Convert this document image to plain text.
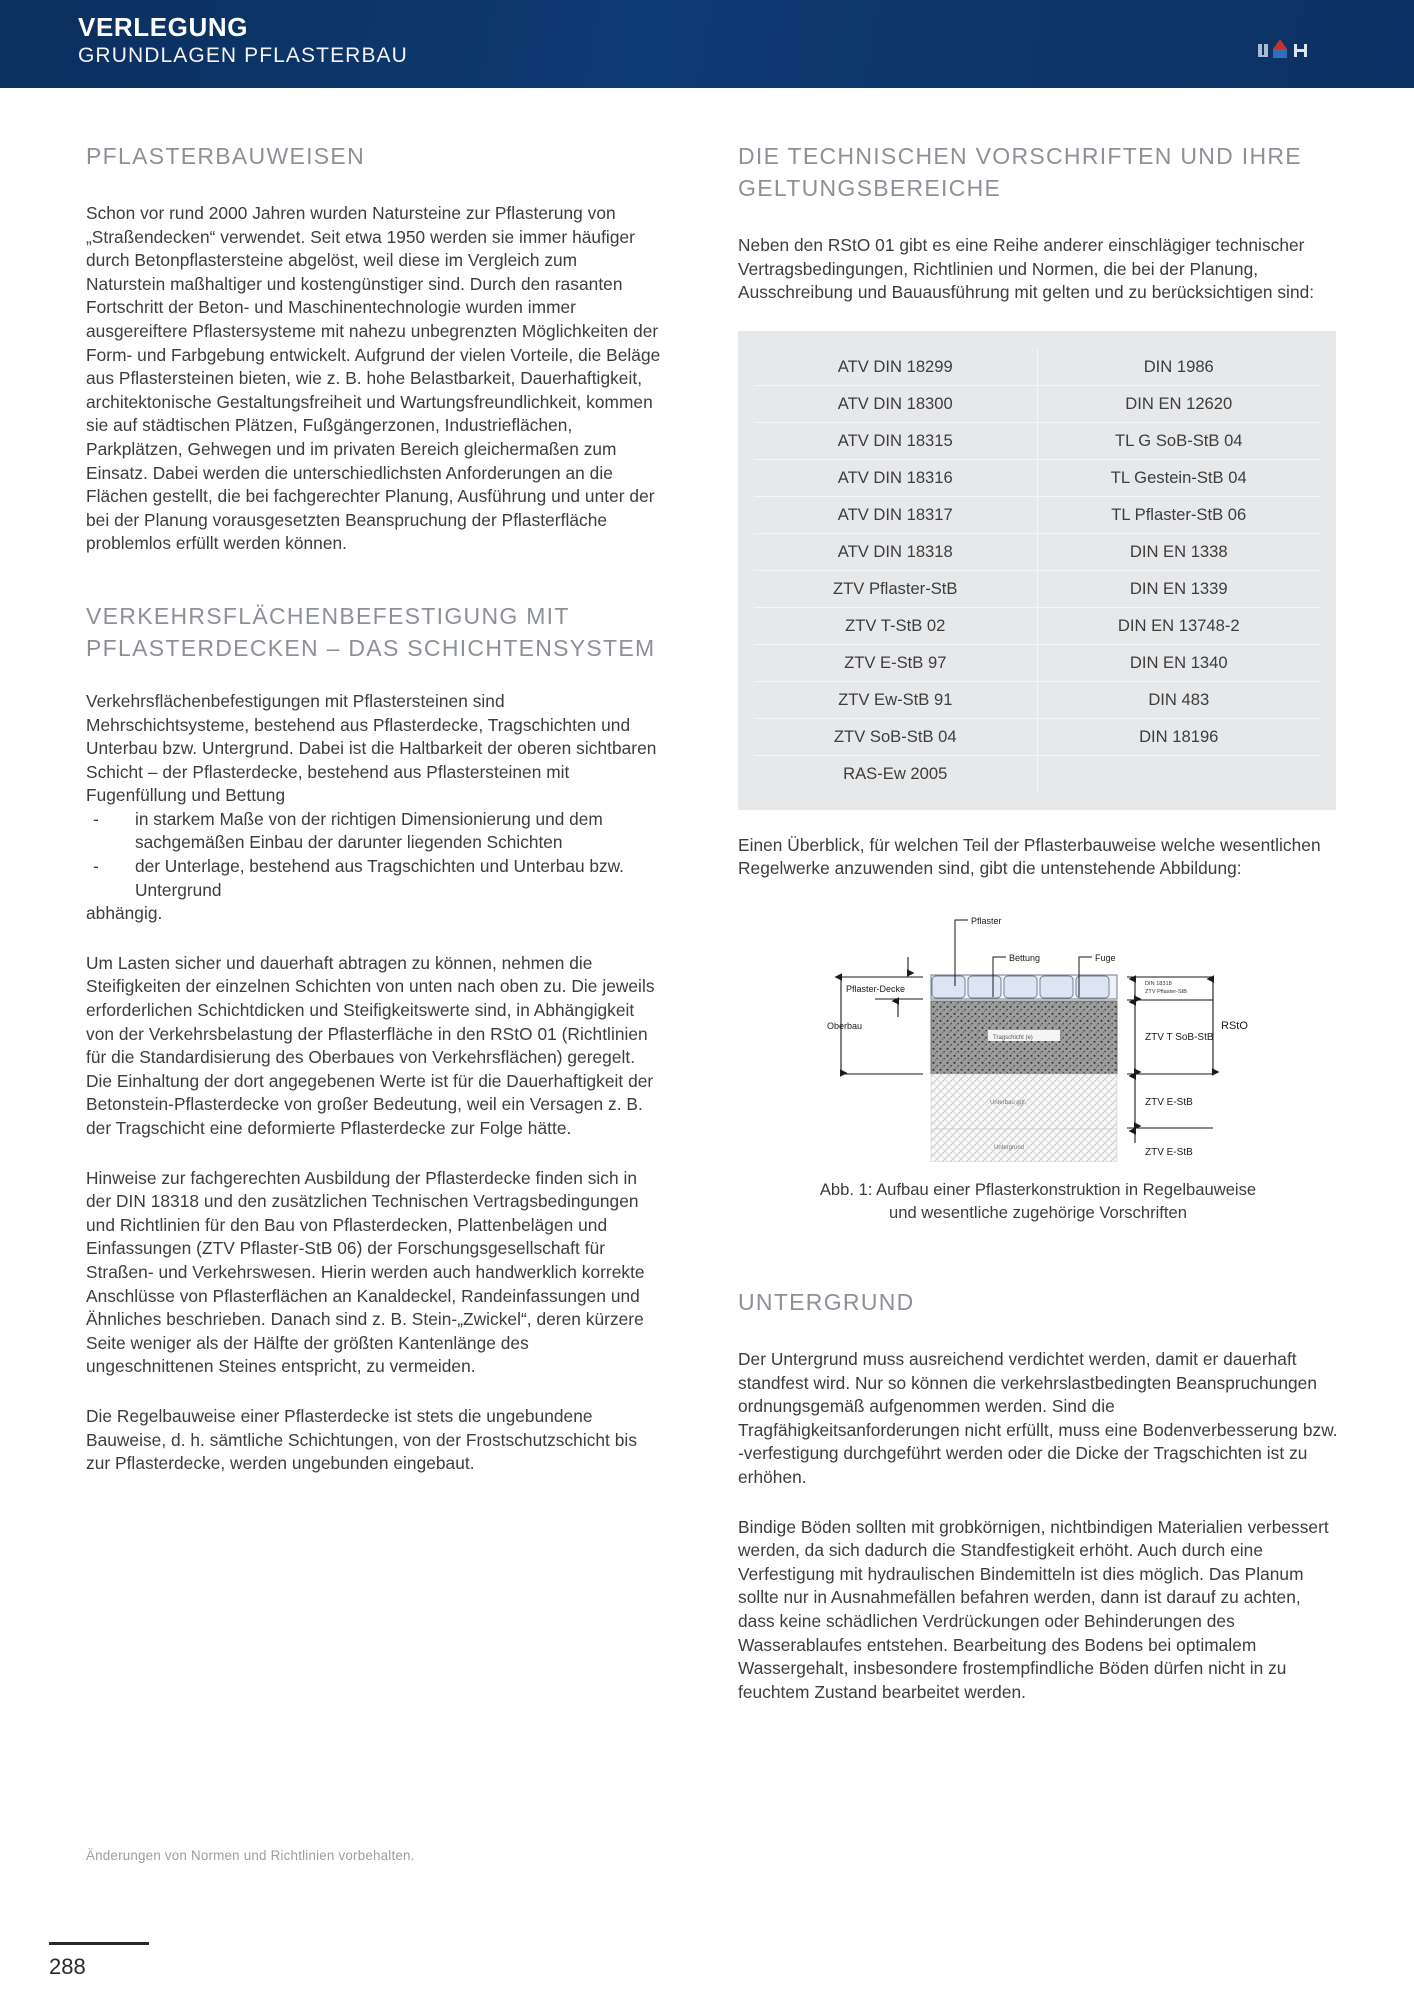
VERLEGUNG
GRUNDLAGEN PFLASTERBAU
PFLASTERBAUWEISEN

Schon vor rund 2000 Jahren wurden Natursteine zur Pflasterung von „Straßendecken“ verwendet. Seit etwa 1950 werden sie immer häufiger durch Betonpflastersteine abgelöst, weil diese im Vergleich zum Naturstein maßhaltiger und kostengünstiger sind. Durch den rasanten Fortschritt der Beton- und Maschinentechnologie wurden immer ausgereiftere Pflastersysteme mit nahezu unbegrenzten Möglichkeiten der Form- und Farbgebung entwickelt. Aufgrund der vielen Vorteile, die Beläge aus Pflastersteinen bieten, wie z. B. hohe Belastbarkeit, Dauerhaftigkeit, architektonische Gestaltungsfreiheit und Wartungsfreundlichkeit, kommen sie auf städtischen Plätzen, Fußgängerzonen, Industrieflächen, Parkplätzen, Gehwegen und im privaten Bereich gleichermaßen zum Einsatz. Dabei werden die unterschiedlichsten Anforderungen an die Flächen gestellt, die bei fachgerechter Planung, Ausführung und unter der bei der Planung vorausgesetzten Beanspruchung der Pflasterfläche problemlos erfüllt werden können.

VERKEHRSFLÄCHENBEFESTIGUNG MIT PFLASTERDECKEN – DAS SCHICHTENSYSTEM

Verkehrsflächenbefestigungen mit Pflastersteinen sind Mehrschichtsysteme, bestehend aus Pflasterdecke, Tragschichten und Unterbau bzw. Untergrund. Dabei ist die Haltbarkeit der oberen sichtbaren Schicht – der Pflasterdecke, bestehend aus Pflastersteinen mit Fugenfüllung und Bettung

- in starkem Maße von der richtigen Dimensionierung und dem sachgemäßen Einbau der darunter liegenden Schichten
- der Unterlage, bestehend aus Tragschichten und Unterbau bzw. Untergrund

abhängig.

Um Lasten sicher und dauerhaft abtragen zu können, nehmen die Steifigkeiten der einzelnen Schichten von unten nach oben zu. Die jeweils erforderlichen Schichtdicken und Steifigkeitswerte sind, in Abhängigkeit von der Verkehrsbelastung der Pflasterfläche in den RStO 01 (Richtlinien für die Standardisierung des Oberbaues von Verkehrsflächen) geregelt. Die Einhaltung der dort angegebenen Werte ist für die Dauerhaftigkeit der Betonstein-Pflasterdecke von großer Bedeutung, weil ein Versagen z. B. der Tragschicht eine deformierte Pflasterdecke zur Folge hätte.

Hinweise zur fachgerechten Ausbildung der Pflasterdecke finden sich in der DIN 18318 und den zusätzlichen Technischen Vertragsbedingungen und Richtlinien für den Bau von Pflasterdecken, Plattenbelägen und Einfassungen (ZTV Pflaster-StB 06) der Forschungsgesellschaft für Straßen- und Verkehrswesen. Hierin werden auch handwerklich korrekte Anschlüsse von Pflasterflächen an Kanaldeckel, Randeinfassungen und Ähnliches beschrieben. Danach sind z. B. Stein-„Zwickel“, deren kürzere Seite weniger als der Hälfte der größten Kantenlänge des ungeschnittenen Steines entspricht, zu vermeiden.

Die Regelbauweise einer Pflasterdecke ist stets die ungebundene Bauweise, d. h. sämtliche Schichtungen, von der Frostschutzschicht bis zur Pflasterdecke, werden ungebunden eingebaut.

DIE TECHNISCHEN VORSCHRIFTEN UND IHRE GELTUNGSBEREICHE

Neben den RStO 01 gibt es eine Reihe anderer einschlägiger technischer Vertragsbedingungen, Richtlinien und Normen, die bei der Planung, Ausschreibung und Bauausführung mit gelten und zu berücksichtigen sind:

ATV DIN 18299	DIN 1986
ATV DIN 18300	DIN EN 12620
ATV DIN 18315	TL G SoB-StB 04
ATV DIN 18316	TL Gestein-StB 04
ATV DIN 18317	TL Pflaster-StB 06
ATV DIN 18318	DIN EN 1338
ZTV Pflaster-StB	DIN EN 1339
ZTV T-StB 02	DIN EN 13748-2
ZTV E-StB 97	DIN EN 1340
ZTV Ew-StB 91	DIN 483
ZTV SoB-StB 04	DIN 18196
RAS-Ew 2005	

Einen Überblick, für welchen Teil der Pflasterbauweise welche wesentlichen Regelwerke anzuwenden sind, gibt die untenstehende Abbildung:

Pflaster
Bettung	Fuge
Pflaster-Decke
Oberbau
Tragschicht (e)
Unterbau ggf.
Untergrund
DIN 18318
ZTV Pflaster-StB
ZTV T SoB-StB
ZTV E-StB
ZTV E-StB
RStO
Abb. 1: Aufbau einer Pflasterkonstruktion in Regelbauweise
und wesentliche zugehörige Vorschriften
UNTERGRUND

Der Untergrund muss ausreichend verdichtet werden, damit er dauerhaft standfest wird. Nur so können die verkehrslastbedingten Beanspruchungen ordnungsgemäß aufgenommen werden. Sind die Tragfähigkeitsanforderungen nicht erfüllt, muss eine Bodenverbesserung bzw. -verfestigung durchgeführt werden oder die Dicke der Tragschichten ist zu erhöhen.

Bindige Böden sollten mit grobkörnigen, nichtbindigen Materialien verbessert werden, da sich dadurch die Standfestigkeit erhöht. Auch durch eine Verfestigung mit hydraulischen Bindemitteln ist dies möglich. Das Planum sollte nur in Ausnahmefällen befahren werden, dann ist darauf zu achten, dass keine schädlichen Verdrückungen oder Behinderungen des Wasserablaufes entstehen. Bearbeitung des Bodens bei optimalem Wassergehalt, insbesondere frostempfindliche Böden dürfen nicht in zu feuchtem Zustand bearbeitet werden.

Änderungen von Normen und Richtlinien vorbehalten.
288
